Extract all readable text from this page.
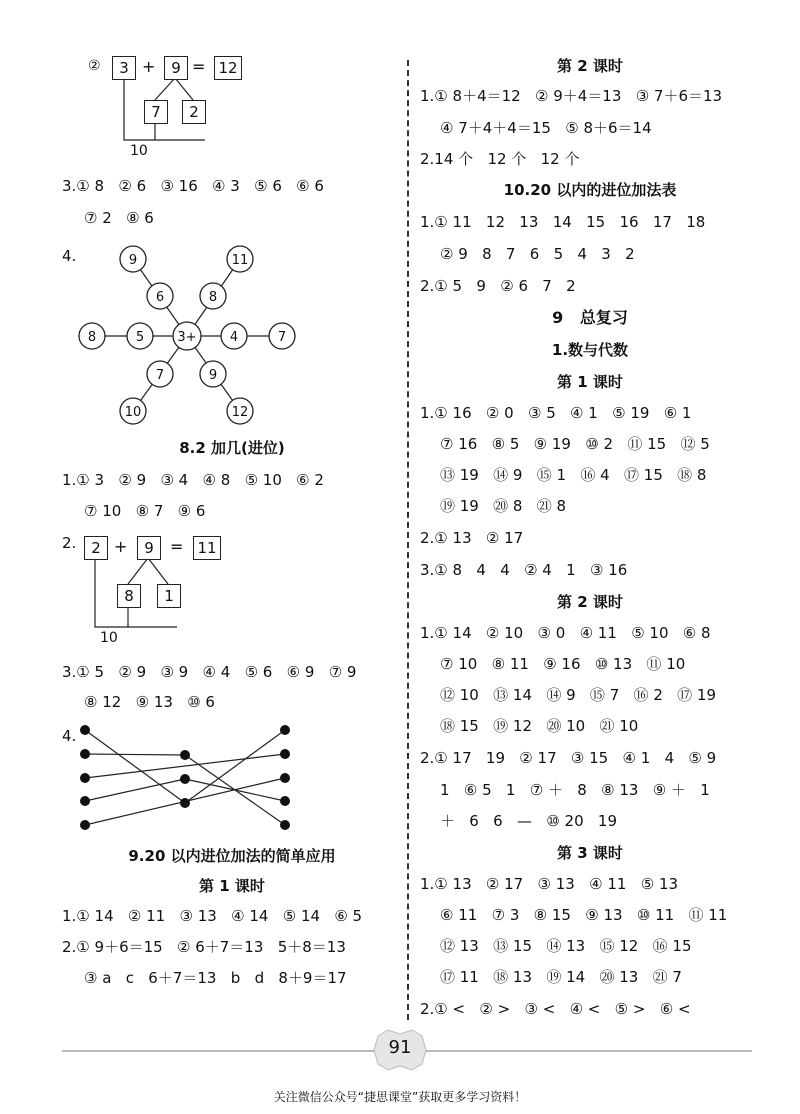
②	3 +	9 = 12
7	2
10
3.① 8   ② 6   ③ 16   ④ 3   ⑤ 6   ⑥ 6
⑦ 2   ⑧ 6
4.	9	11
6	8
8	5	3+	4	7
7	9
10	12
8.2 加几(进位)
1.① 3   ② 9   ③ 4   ④ 8   ⑤ 10   ⑥ 2
⑦ 10   ⑧ 7   ⑨ 6
2. 2 +	9	= 11
8	1
10
3.① 5   ② 9   ③ 9   ④ 4   ⑤ 6   ⑥ 9   ⑦ 9
⑧ 12   ⑨ 13   ⑩ 6
4.
9.20 以内进位加法的简单应用
第 1 课时
1.① 14   ② 11   ③ 13   ④ 14   ⑤ 14   ⑥ 5
2.① 9＋6＝15   ② 6＋7＝13   5＋8＝13
③ a   c   6＋7＝13   b   d   8＋9＝17
第 2 课时
1.① 8＋4＝12   ② 9＋4＝13   ③ 7＋6＝13
④ 7＋4＋4＝15   ⑤ 8＋6＝14
2.14 个   12 个   12 个
10.20 以内的进位加法表
1.① 11   12   13   14   15   16   17   18
② 9   8   7   6   5   4   3   2
2.① 5   9   ② 6   7   2
9   总复习
1.数与代数
第 1 课时
1.① 16   ② 0   ③ 5   ④ 1   ⑤ 19   ⑥ 1
⑦ 16   ⑧ 5   ⑨ 19   ⑩ 2   ⑪ 15   ⑫ 5
⑬ 19   ⑭ 9   ⑮ 1   ⑯ 4   ⑰ 15   ⑱ 8
⑲ 19   ⑳ 8   ㉑ 8
2.① 13   ② 17
3.① 8   4   4   ② 4   1   ③ 16
第 2 课时
1.① 14   ② 10   ③ 0   ④ 11   ⑤ 10   ⑥ 8
⑦ 10   ⑧ 11   ⑨ 16   ⑩ 13   ⑪ 10
⑫ 10   ⑬ 14   ⑭ 9   ⑮ 7   ⑯ 2   ⑰ 19
⑱ 15   ⑲ 12   ⑳ 10   ㉑ 10
2.① 17   19   ② 17   ③ 15   ④ 1   4   ⑤ 9
1   ⑥ 5   1   ⑦ ＋   8   ⑧ 13   ⑨ ＋   1
＋   6   6   —   ⑩ 20   19
第 3 课时
1.① 13   ② 17   ③ 13   ④ 11   ⑤ 13
⑥ 11   ⑦ 3   ⑧ 15   ⑨ 13   ⑩ 11   ⑪ 11
⑫ 13   ⑬ 15   ⑭ 13   ⑮ 12   ⑯ 15
⑰ 11   ⑱ 13   ⑲ 14   ⑳ 13   ㉑ 7
2.① <   ② >   ③ <   ④ <   ⑤ >   ⑥ <
91
关注微信公众号“捷思课堂”获取更多学习资料！
